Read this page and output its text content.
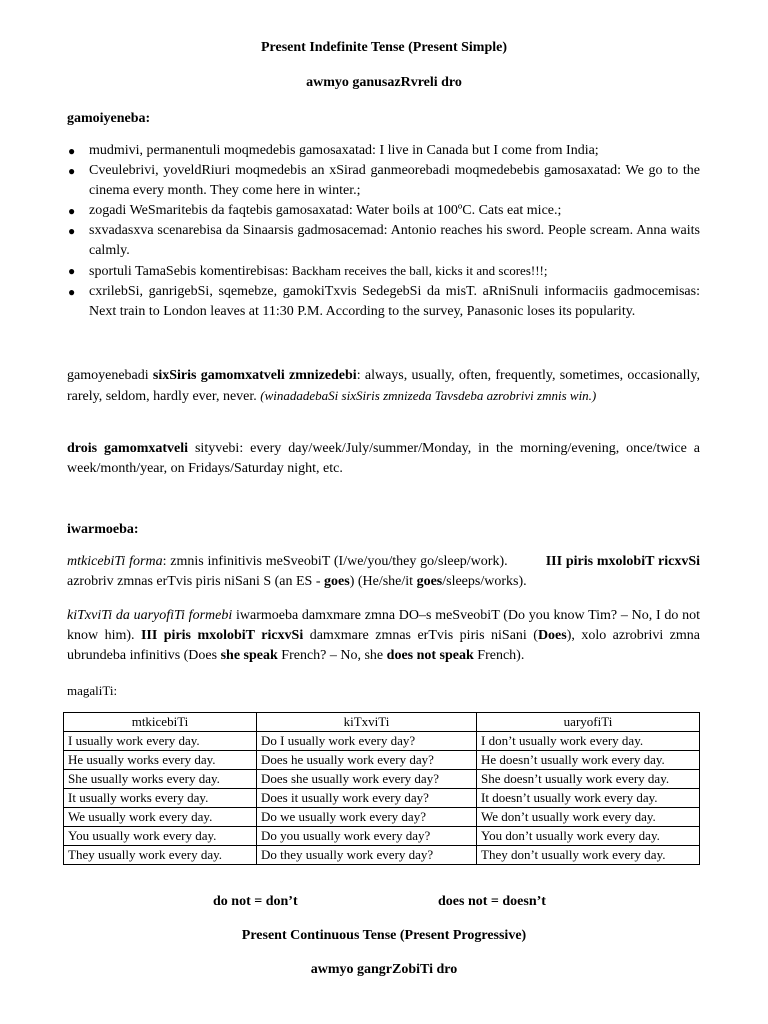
Present Indefinite Tense (Present Simple)
awmyo ganusazRvreli dro
gamoiyeneba:
● mudmivi, permanentuli moqmedebis gamosaxatad: I live in Canada but I come from India;
● Cveulebrivi, yoveldRiuri moqmedebis an xSirad ganmeorebadi moqmedebebis gamosaxatad: We go to the cinema every month. They come here in winter.;
● zogadi WeSmaritebis da faqtebis gamosaxatad: Water boils at 100ºC. Cats eat mice.;
● sxvadasxva scenarebisa da Sinaarsis gadmosacemad: Antonio reaches his sword. People scream. Anna waits calmly.
● sportuli TamaSebis komentirebisas: Backham receives the ball, kicks it and scores!!!;
● cxrilebSi, ganrigebSi, sqemebze, gamokiTxvis SedegebSi da misT. aRniSnuli informaciis gadmocemisas: Next train to London leaves at 11:30 P.M. According to the survey, Panasonic loses its popularity.
gamoyenebadi sixSiris gamomxatveli zmnizedebi: always, usually, often, frequently, sometimes, occasionally, rarely, seldom, hardly ever, never. (winadadebaSi sixSiris zmnizeda Tavsdeba azrobrivi zmnis win.)
drois gamomxatveli sityvebi: every day/week/July/summer/Monday, in the morning/evening, once/twice a week/month/year, on Fridays/Saturday night, etc.
iwarmoeba:
mtkicebiTi forma: zmnis infinitivis meSveobiT (I/we/you/they go/sleep/work).	III piris mxolobiT ricxvSi azrobriv zmnas erTvis piris niSani S (an ES - goes) (He/she/it goes/sleeps/works).
kiTxviTi da uaryofiTi formebi iwarmoeba damxmare zmna DO–s meSveobiT (Do you know Tim? – No, I do not know him). III piris mxolobiT ricxvSi damxmare zmnas erTvis piris niSani (Does), xolo azrobrivi zmna ubrundeba infinitivs (Does she speak French? – No, she does not speak French).
magaliTi:
mtkicebiTi	kiTxviTi	uaryofiTi
I usually work every day.	Do I usually work every day?	I don’t usually work every day.
He usually works every day.	Does he usually work every day?	He doesn’t usually work every day.
She usually works every day.	Does she usually work every day?	She doesn’t usually work every day.
It usually works every day.	Does it usually work every day?	It doesn’t usually work every day.
We usually work every day.	Do we usually work every day?	We don’t usually work every day.
You usually work every day.	Do you usually work every day?	You don’t usually work every day.
They usually work every day.	Do they usually work every day?	They don’t usually work every day.
do not = don’t	does not = doesn’t
Present Continuous Tense (Present Progressive)
awmyo gangrZobiTi dro
